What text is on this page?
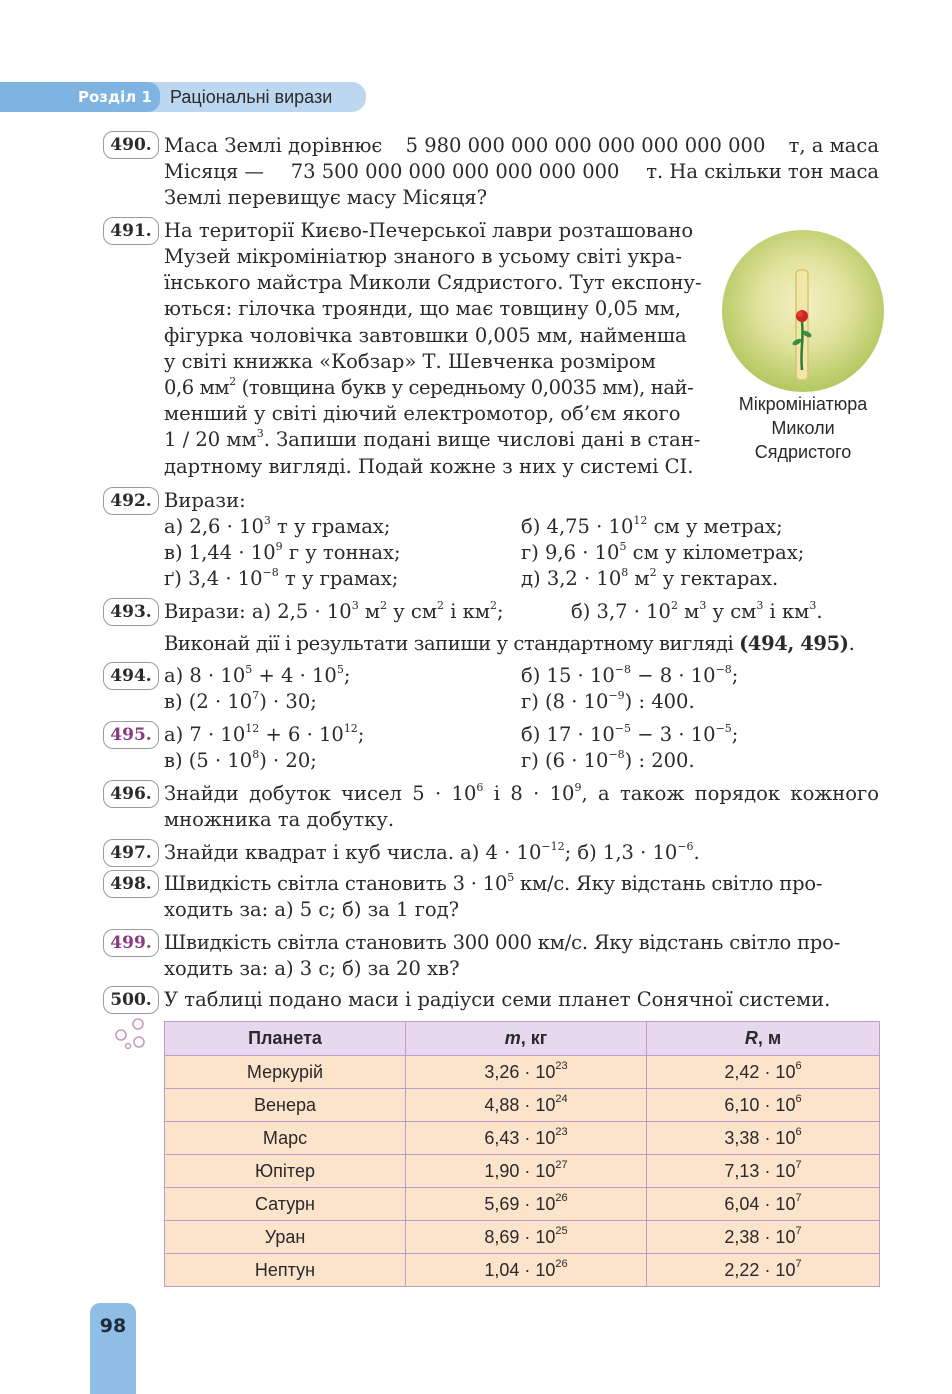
Розділ 1	Раціональні вирази
490. Маса Землі дорівнює 5 980 000 000 000 000 000 000 000 т, а маса
Місяця — 73 500 000 000 000 000 000 000 т. На скільки тон маса
Землі перевищує масу Місяця?
491. На території Києво-Печерської лаври розташовано
Музей мікромініатюр знаного в усьому світі укра-
їнського майстра Миколи Сядристого. Тут експону-
ються: гілочка троянди, що має товщину 0,05 мм,
фігурка чоловічка завтовшки 0,005 мм, найменша
у світі книжка «Кобзар» Т. Шевченка розміром
0,6 $мм^2$ (товщина букв у середньому 0,0035 мм), най-
менший у світі діючий електромотор, об’єм якого
1 / 20 $мм^3$. Запиши подані вище числові дані в стан-
дартному вигляді. Подай кожне з них у системі СІ.
Мікромініатюра
Миколи
Сядристого
492. Вирази:
а) $2,6 \cdot 10^3$ т у грамах;	б) $4,75 \cdot 10^{12}$ см у метрах;
в) $1,44 \cdot 10^9$ г у тоннах;	г) $9,6 \cdot 10^5$ см у кілометрах;
ґ) $3,4 \cdot 10^{-8}$ т у грамах;	д) $3,2 \cdot 10^8$ $м^2$ у гектарах.
493. Вирази: а) $2,5 \cdot 10^3$ $м^2$ у $см^2$ і $км^2$;	б) $3,7 \cdot 10^2$ $м^3$ у $см^3$ і $км^3$.
Виконай дії і результати запиши у стандартному вигляді (494, 495).
494. а) $8 \cdot 10^5 + 4 \cdot 10^5$;	б) $15 \cdot 10^{-8} - 8 \cdot 10^{-8}$;
в) $(2 \cdot 10^7) \cdot 30$;	г) $(8 \cdot 10^{-9})$ : 400.
495. а) $7 \cdot 10^{12} + 6 \cdot 10^{12}$;	б) $17 \cdot 10^{-5} - 3 \cdot 10^{-5}$;
в) $(5 \cdot 10^8) \cdot 20$;	г) $(6 \cdot 10^{-8})$ : 200.
496. Знайди добуток чисел $5 \cdot 10^6$ і $8 \cdot 10^9$, а також порядок кожного
множника та добутку.
497. Знайди квадрат і куб числа. а) $4 \cdot 10^{-12}$; б) $1,3 \cdot 10^{-6}$.
498. Швидкість світла становить $3 \cdot 10^5$ км/с. Яку відстань світло про-
ходить за: а) 5 с; б) за 1 год?
499. Швидкість світла становить 300 000 км/с. Яку відстань світло про-
ходить за: а) 3 с; б) за 20 хв?
500. У таблиці подано маси і радіуси семи планет Сонячної системи.
Планета	m, кг	R, м
Меркурій	$3,26 \cdot 10^{23}$	$2,42 \cdot 10^6$
Венера	$4,88 \cdot 10^{24}$	$6,10 \cdot 10^6$
Марс	$6,43 \cdot 10^{23}$	$3,38 \cdot 10^6$
Юпітер	$1,90 \cdot 10^{27}$	$7,13 \cdot 10^7$
Сатурн	$5,69 \cdot 10^{26}$	$6,04 \cdot 10^7$
Уран	$8,69 \cdot 10^{25}$	$2,38 \cdot 10^7$
Нептун	$1,04 \cdot 10^{26}$	$2,22 \cdot 10^7$
98
